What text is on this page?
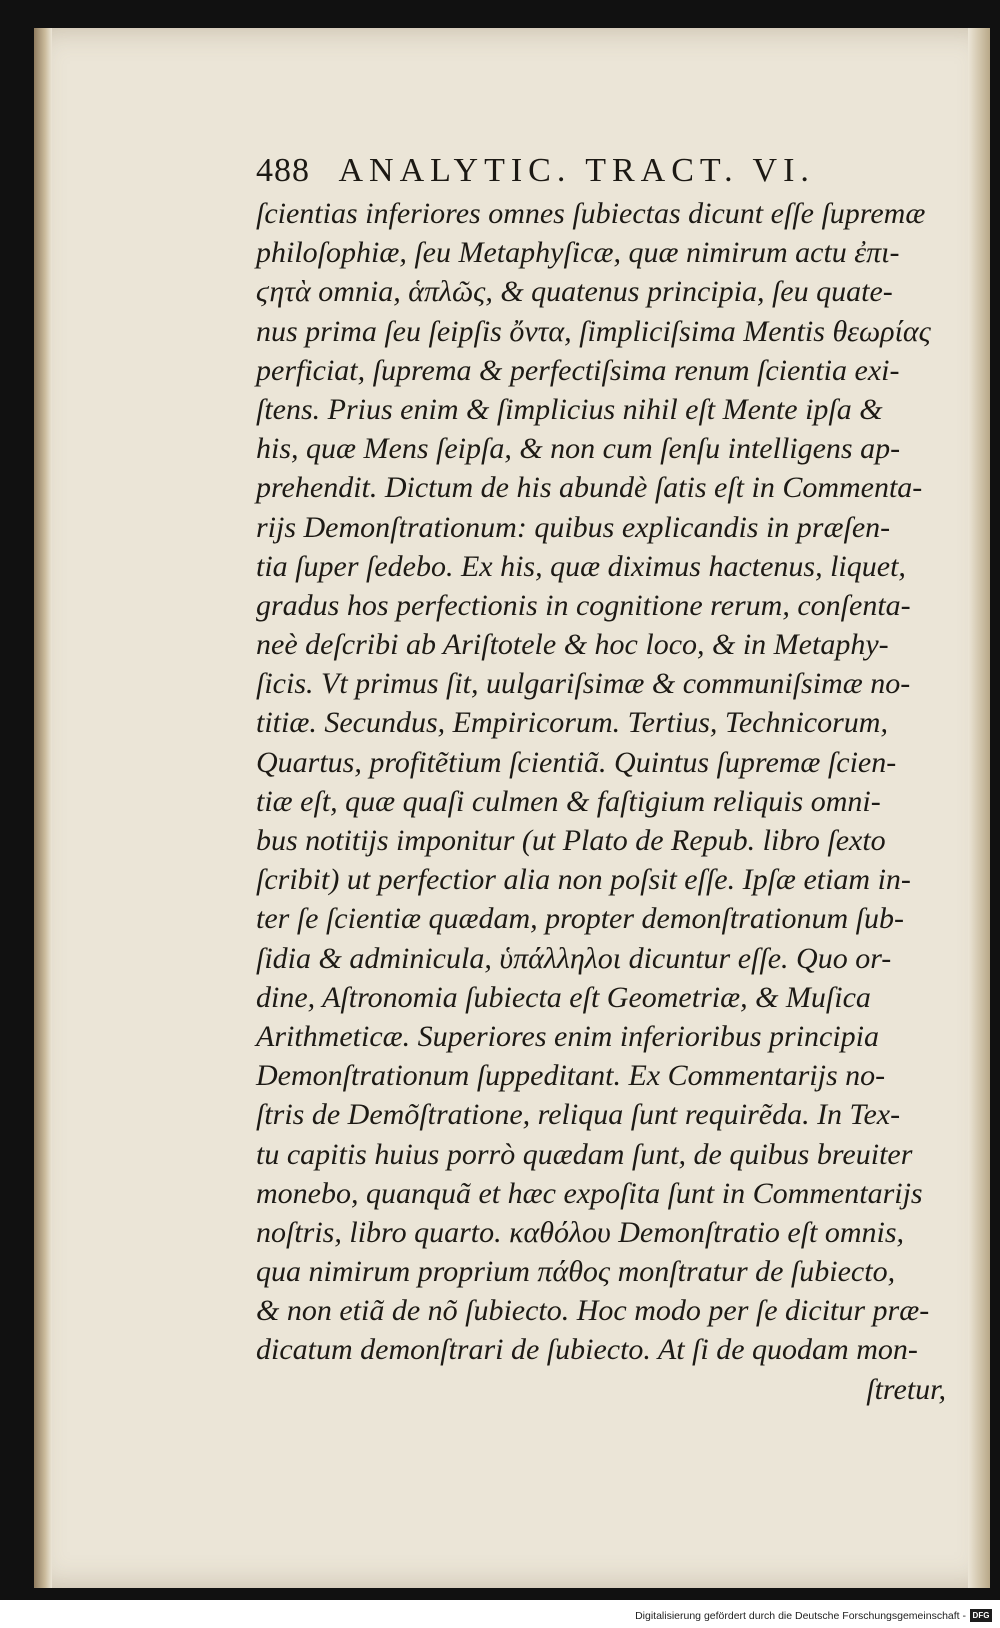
488 ANALYTIC. TRACT. VI.
ſcientias inferiores omnes ſubiectas dicunt eſſe ſupremæ
philoſophiæ, ſeu Metaphyſicæ, quæ nimirum actu ἐπι-
ϛητὰ omnia, ἁπλῶς, & quatenus principia, ſeu quate-
nus prima ſeu ſeipſis ὄντα, ſimpliciſsima Mentis θεωρίας
perficiat, ſuprema & perfectiſsima renum ſcientia exi-
ſtens. Prius enim & ſimplicius nihil eſt Mente ipſa &
his, quæ Mens ſeipſa, & non cum ſenſu intelligens ap-
prehendit. Dictum de his abundè ſatis eſt in Commenta-
rijs Demonſtrationum: quibus explicandis in præſen-
tia ſuper ſedebo. Ex his, quæ diximus hactenus, liquet,
gradus hos perfectionis in cognitione rerum, conſenta-
neè deſcribi ab Ariſtotele & hoc loco, & in Metaphy-
ſicis. Vt primus ſit, uulgariſsimæ & communiſsimæ no-
titiæ. Secundus, Empiricorum. Tertius, Technicorum,
Quartus, profitẽtium ſcientiã. Quintus ſupremæ ſcien-
tiæ eſt, quæ quaſi culmen & faſtigium reliquis omni-
bus notitijs imponitur (ut Plato de Repub. libro ſexto
ſcribit) ut perfectior alia non poſsit eſſe. Ipſæ etiam in-
ter ſe ſcientiæ quædam, propter demonſtrationum ſub-
ſidia & adminicula, ὑπάλληλοι dicuntur eſſe. Quo or-
dine, Aſtronomia ſubiecta eſt Geometriæ, & Muſica
Arithmeticæ. Superiores enim inferioribus principia
Demonſtrationum ſuppeditant. Ex Commentarijs no-
ſtris de Demõſtratione, reliqua ſunt requirẽda. In Tex-
tu capitis huius porrò quædam ſunt, de quibus breuiter
monebo, quanquã et hæc expoſita ſunt in Commentarijs
noſtris, libro quarto. καθόλου Demonſtratio eſt omnis,
qua nimirum proprium πάθος monſtratur de ſubiecto,
& non etiã de nõ ſubiecto. Hoc modo per ſe dicitur præ-
dicatum demonſtrari de ſubiecto. At ſi de quodam mon-
ſtretur,
Digitalisierung gefördert durch die Deutsche Forschungsgemeinschaft - DFG
